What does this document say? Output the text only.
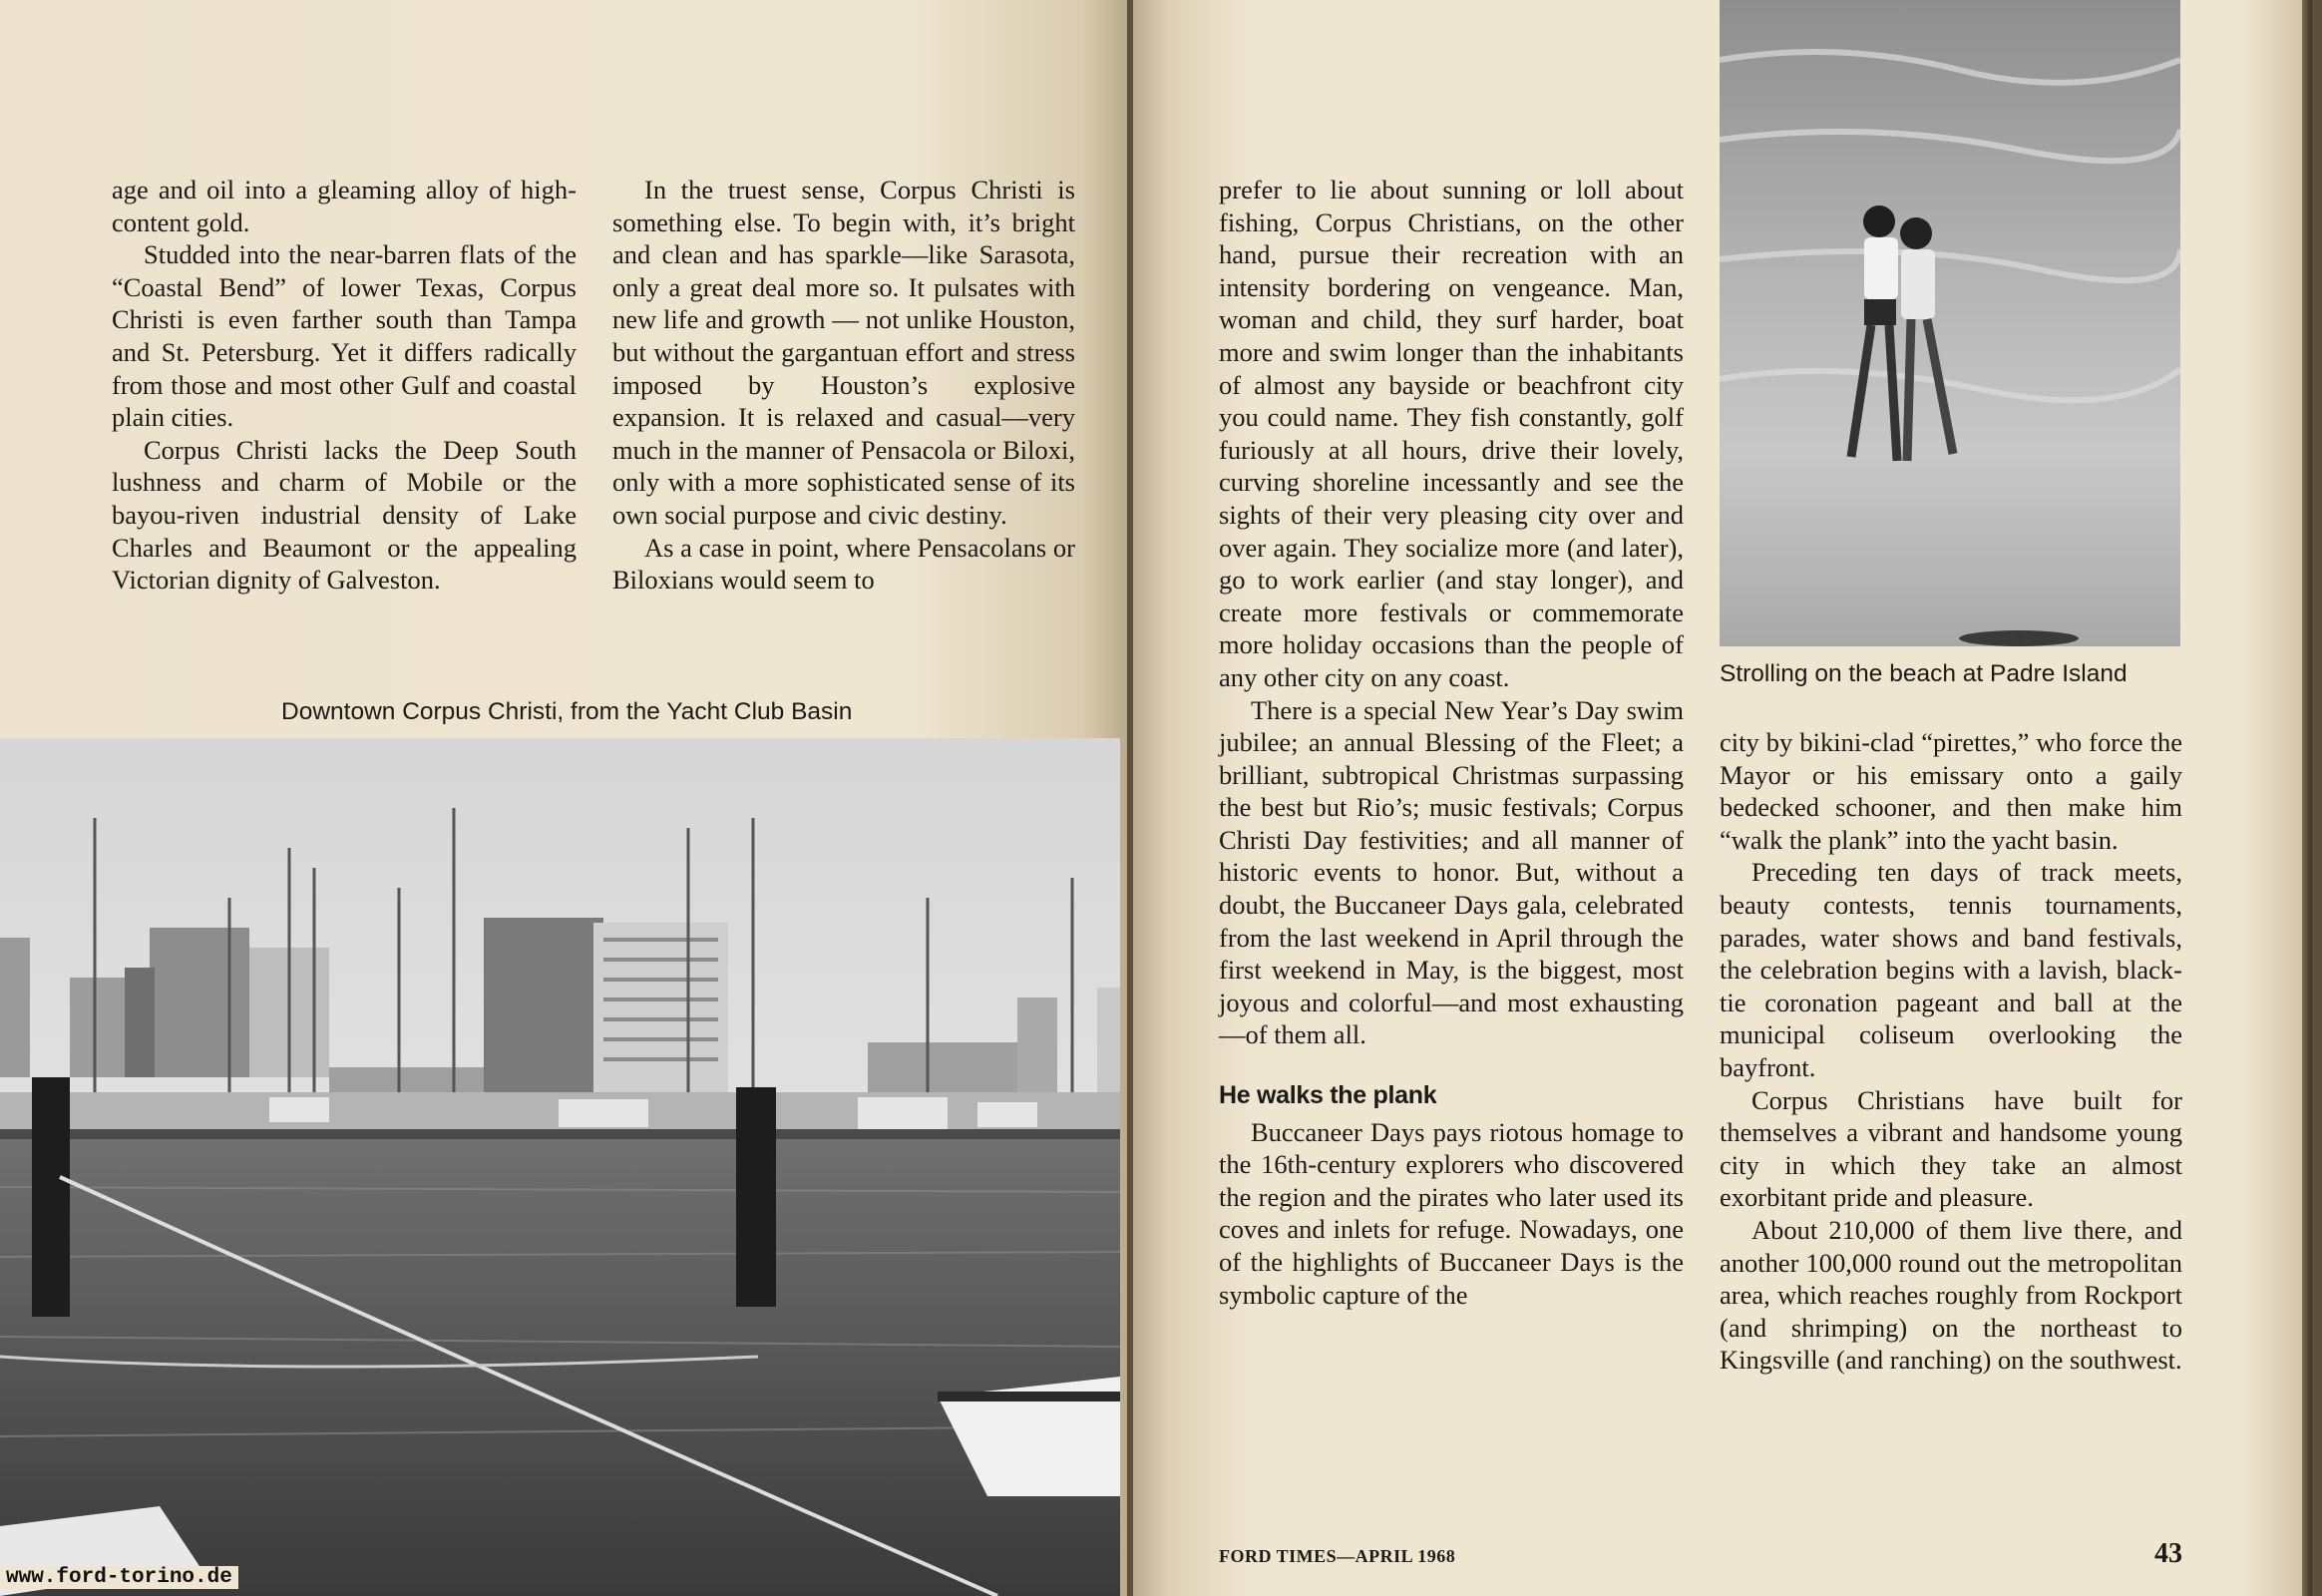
age and oil into a gleaming alloy of high-content gold.

Studded into the near-barren flats of the “Coastal Bend” of lower Texas, Corpus Christi is even farther south than Tampa and St. Petersburg. Yet it differs radically from those and most other Gulf and coastal plain cities.

Corpus Christi lacks the Deep South lushness and charm of Mobile or the bayou-riven industrial density of Lake Charles and Beaumont or the appealing Victorian dignity of Galveston.

In the truest sense, Corpus Christi is something else. To begin with, it’s bright and clean and has sparkle—like Sarasota, only a great deal more so. It pulsates with new life and growth — not unlike Houston, but without the gargantuan effort and stress imposed by Houston’s explosive expansion. It is relaxed and casual—very much in the manner of Pensacola or Biloxi, only with a more sophisticated sense of its own social purpose and civic destiny.

As a case in point, where Pensacolans or Biloxians would seem to

Downtown Corpus Christi, from the Yacht Club Basin
www.ford-torino.de

prefer to lie about sunning or loll about fishing, Corpus Christians, on the other hand, pursue their recreation with an intensity bordering on vengeance. Man, woman and child, they surf harder, boat more and swim longer than the inhabitants of almost any bayside or beachfront city you could name. They fish constantly, golf furiously at all hours, drive their lovely, curving shoreline incessantly and see the sights of their very pleasing city over and over again. They socialize more (and later), go to work earlier (and stay longer), and create more festivals or commemorate more holiday occasions than the people of any other city on any coast.

There is a special New Year’s Day swim jubilee; an annual Blessing of the Fleet; a brilliant, subtropical Christmas surpassing the best but Rio’s; music festivals; Corpus Christi Day festivities; and all manner of historic events to honor. But, without a doubt, the Buccaneer Days gala, celebrated from the last weekend in April through the first weekend in May, is the biggest, most joyous and colorful—and most exhausting—of them all.

He walks the plank

Buccaneer Days pays riotous homage to the 16th-century explorers who discovered the region and the pirates who later used its coves and inlets for refuge. Nowadays, one of the highlights of Buccaneer Days is the symbolic capture of the

Strolling on the beach at Padre Island

city by bikini-clad “pirettes,” who force the Mayor or his emissary onto a gaily bedecked schooner, and then make him “walk the plank” into the yacht basin.

Preceding ten days of track meets, beauty contests, tennis tournaments, parades, water shows and band festivals, the celebration begins with a lavish, black-tie coronation pageant and ball at the municipal coliseum overlooking the bayfront.

Corpus Christians have built for themselves a vibrant and handsome young city in which they take an almost exorbitant pride and pleasure.

About 210,000 of them live there, and another 100,000 round out the metropolitan area, which reaches roughly from Rockport (and shrimping) on the northeast to Kingsville (and ranching) on the southwest.

FORD TIMES—APRIL 1968	43
